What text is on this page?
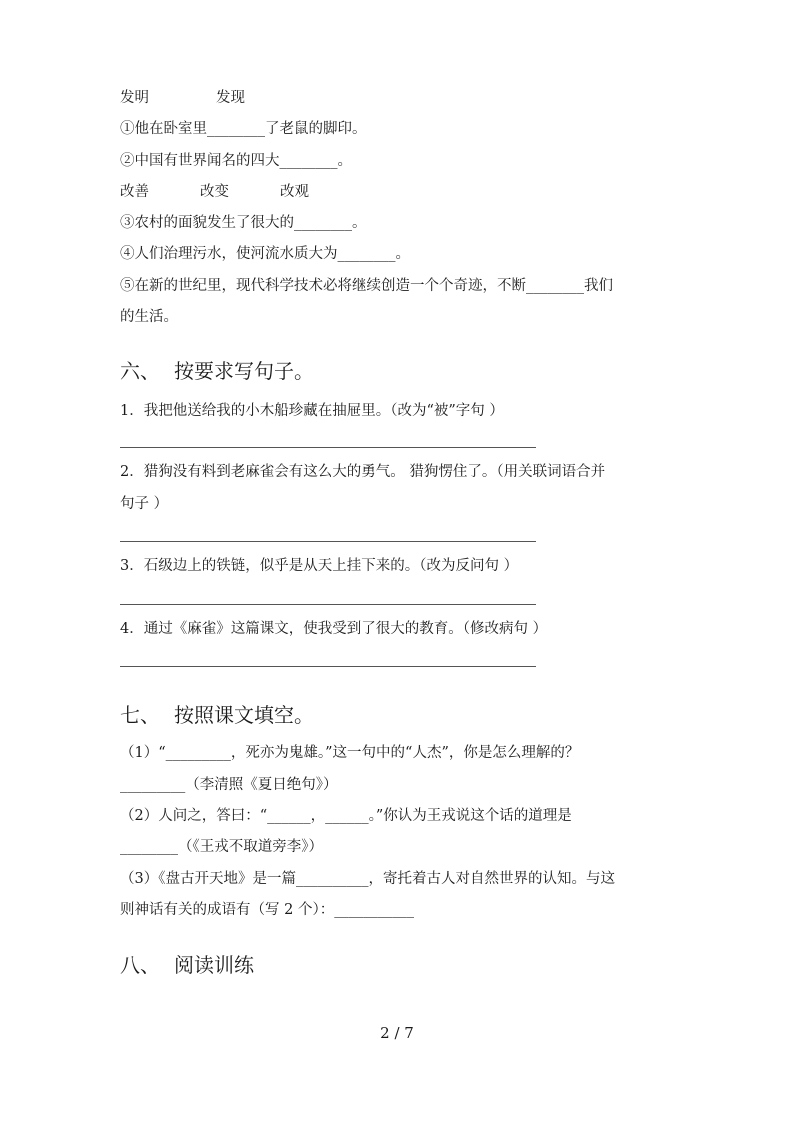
发明	发现
①他在卧室里________了老鼠的脚印。
②中国有世界闻名的四大________。
改善	改变	改观
③农村的面貌发生了很大的________。
④人们治理污水，使河流水质大为________。
⑤在新的世纪里，现代科学技术必将继续创造一个个奇迹，不断________我们
的生活。
六、 按要求写句子。
1．我把他送给我的小木船珍藏在抽屉里。（改为“被”字句 ）
2．猎狗没有料到老麻雀会有这么大的勇气。 猎狗愣住了。（用关联词语合并
句子 ）
3．石级边上的铁链，似乎是从天上挂下来的。（改为反问句 ）
4．通过《麻雀》这篇课文，使我受到了很大的教育。（修改病句 ）
七、 按照课文填空。
（1）“_________，死亦为鬼雄。”这一句中的“人杰”，你是怎么理解的？
_________（李清照《夏日绝句》）
（2）人问之，答曰：“______，______。”你认为王戎说这个话的道理是
________（《王戎不取道旁李》）
（3）《盘古开天地》是一篇__________，寄托着古人对自然世界的认知。与这
则神话有关的成语有（写 2 个）：___________
八、 阅读训练
2 / 7
